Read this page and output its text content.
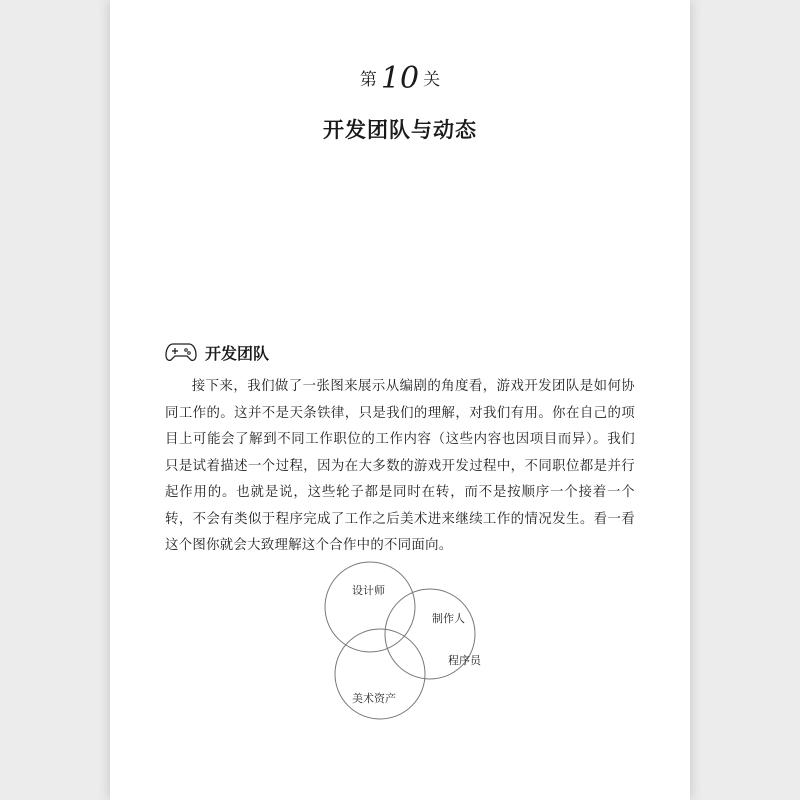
第 10 关
开发团队与动态
开发团队

接下来，我们做了一张图来展示从编剧的角度看，游戏开发团队是如何协同工作的。这并不是天条铁律，只是我们的理解，对我们有用。你在自己的项目上可能会了解到不同工作职位的工作内容（这些内容也因项目而异）。我们只是试着描述一个过程，因为在大多数的游戏开发过程中，不同职位都是并行起作用的。也就是说，这些轮子都是同时在转，而不是按顺序一个接着一个转，不会有类似于程序完成了工作之后美术进来继续工作的情况发生。看一看这个图你就会大致理解这个合作中的不同面向。

设计师
制作人
程序员
美术资产
